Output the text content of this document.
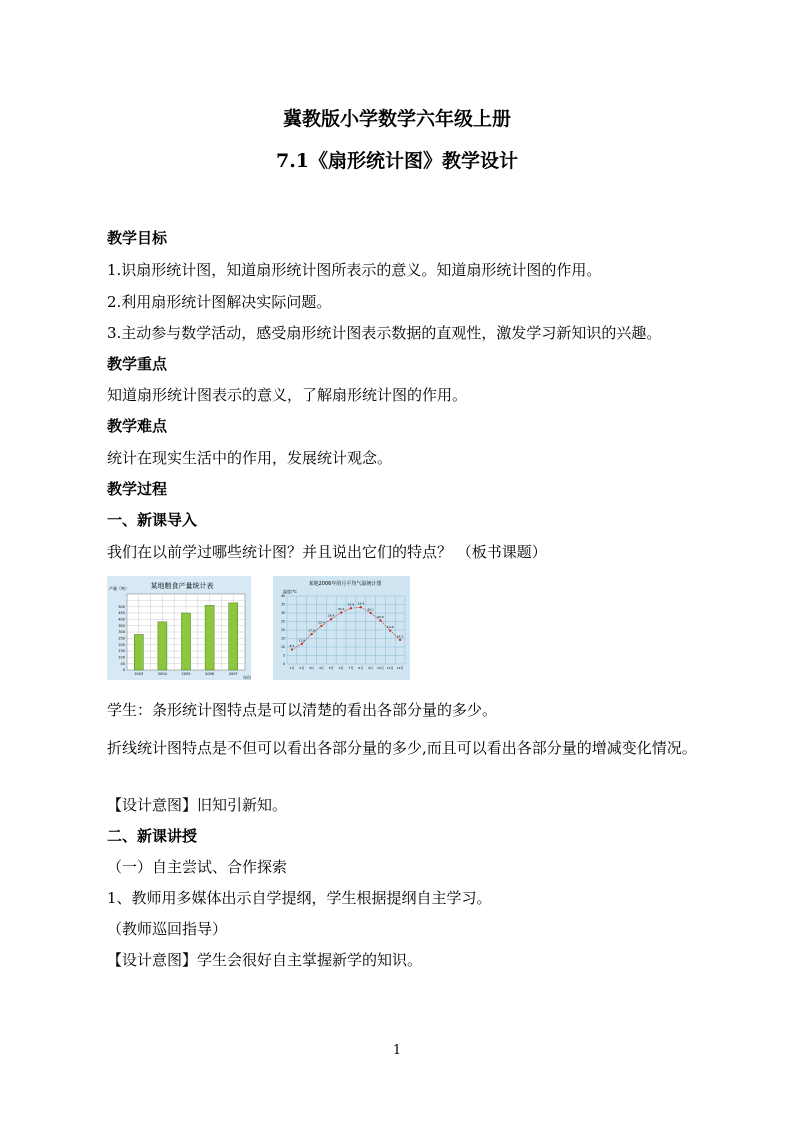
冀教版小学数学六年级上册
7.1《扇形统计图》教学设计
教学目标
1.识扇形统计图，知道扇形统计图所表示的意义。知道扇形统计图的作用。
2.利用扇形统计图解决实际问题。
3.主动参与数学活动，感受扇形统计图表示数据的直观性，激发学习新知识的兴趣。
教学重点
知道扇形统计图表示的意义，了解扇形统计图的作用。
教学难点
统计在现实生活中的作用，发展统计观念。
教学过程
一、新课导入
我们在以前学过哪些统计图？并且说出它们的特点？ （板书课题）
某地粮食产量统计表
产量（吨）
年份
500
450
400
350
300
250
200
150
100
50
0
2003	2004	2005	2006	2007
某地2006年的月平均气温统计图
温度/℃
0
5
10
15
20
25
30
35
40
8.5
1月
11.8
2月
17.6
3月
22.4
4月
26.4
5月
30.2
6月
32.8
7月
33.4
8月
30.1
9月
25.6
10月
19.6
11月
14.2
12月
学生：条形统计图特点是可以清楚的看出各部分量的多少。
折线统计图特点是不但可以看出各部分量的多少,而且可以看出各部分量的增减变化情况。
【设计意图】旧知引新知。
二、新课讲授
（一）自主尝试、合作探索
1、教师用多媒体出示自学提纲，学生根据提纲自主学习。
（教师巡回指导）
【设计意图】学生会很好自主掌握新学的知识。
1
